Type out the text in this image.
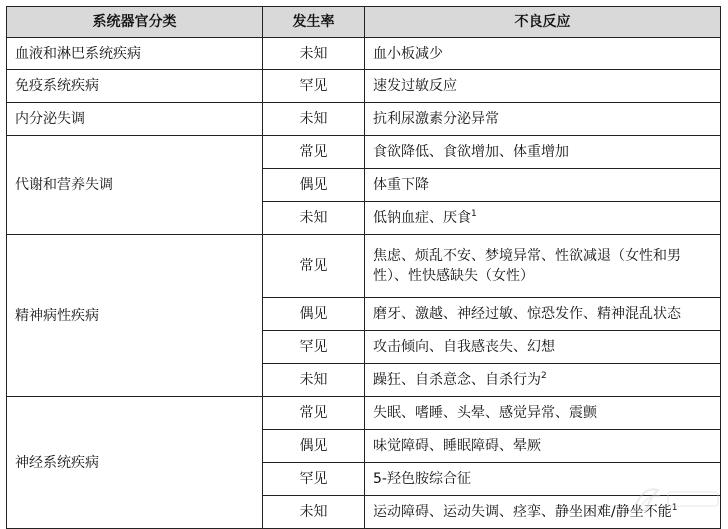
系统器官分类	发生率	不良反应
血液和淋巴系统疾病	未知	血小板减少
免疫系统疾病	罕见	速发过敏反应
内分泌失调	未知	抗利尿激素分泌异常
代谢和营养失调	常见	食欲降低、食欲增加、体重增加
	偶见	体重下降
	未知	低钠血症、厌食$^1$
精神病性疾病	常见	焦虑、烦乱不安、梦境异常、性欲减退（女性和男性）、性快感缺失（女性）
	偶见	磨牙、激越、神经过敏、惊恐发作、精神混乱状态
	罕见	攻击倾向、自我感丧失、幻想
	未知	躁狂、自杀意念、自杀行为$^2$
神经系统疾病	常见	失眠、嗜睡、头晕、感觉异常、震颤
	偶见	味觉障碍、睡眠障碍、晕厥
	罕见	5-羟色胺综合征
	未知	运动障碍、运动失调、痉挛、静坐困难/静坐不能$^1$
